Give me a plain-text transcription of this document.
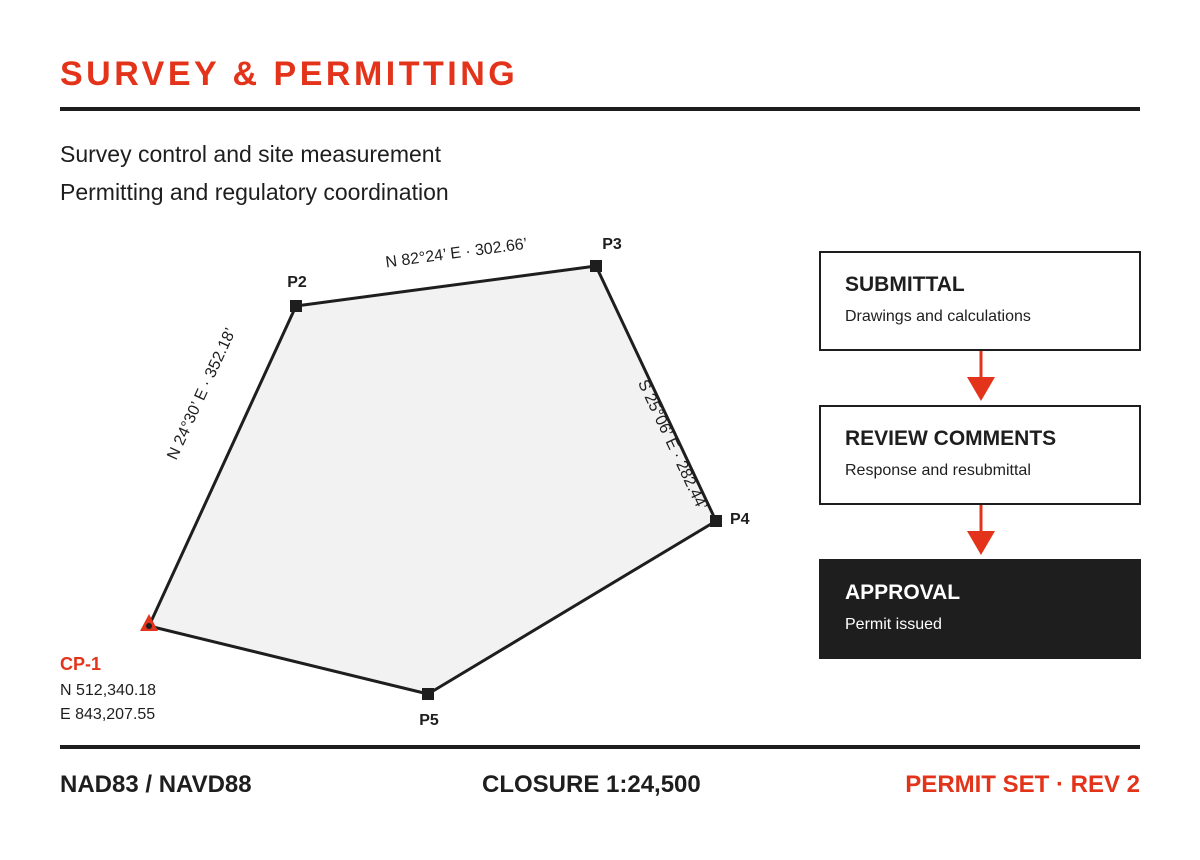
SURVEY & PERMITTING
Survey control and site measurement
Permitting and regulatory coordination
P2
P3
P4
P5
N 24°30’ E · 352.18’
N 82°24’ E · 302.66’
S 25°06’ E · 282.44’
CP-1
N 512,340.18
E 843,207.55
SUBMITTAL
Drawings and calculations
REVIEW COMMENTS
Response and resubmittal
APPROVAL
Permit issued
NAD83 / NAVD88	CLOSURE 1:24,500	PERMIT SET · REV 2
